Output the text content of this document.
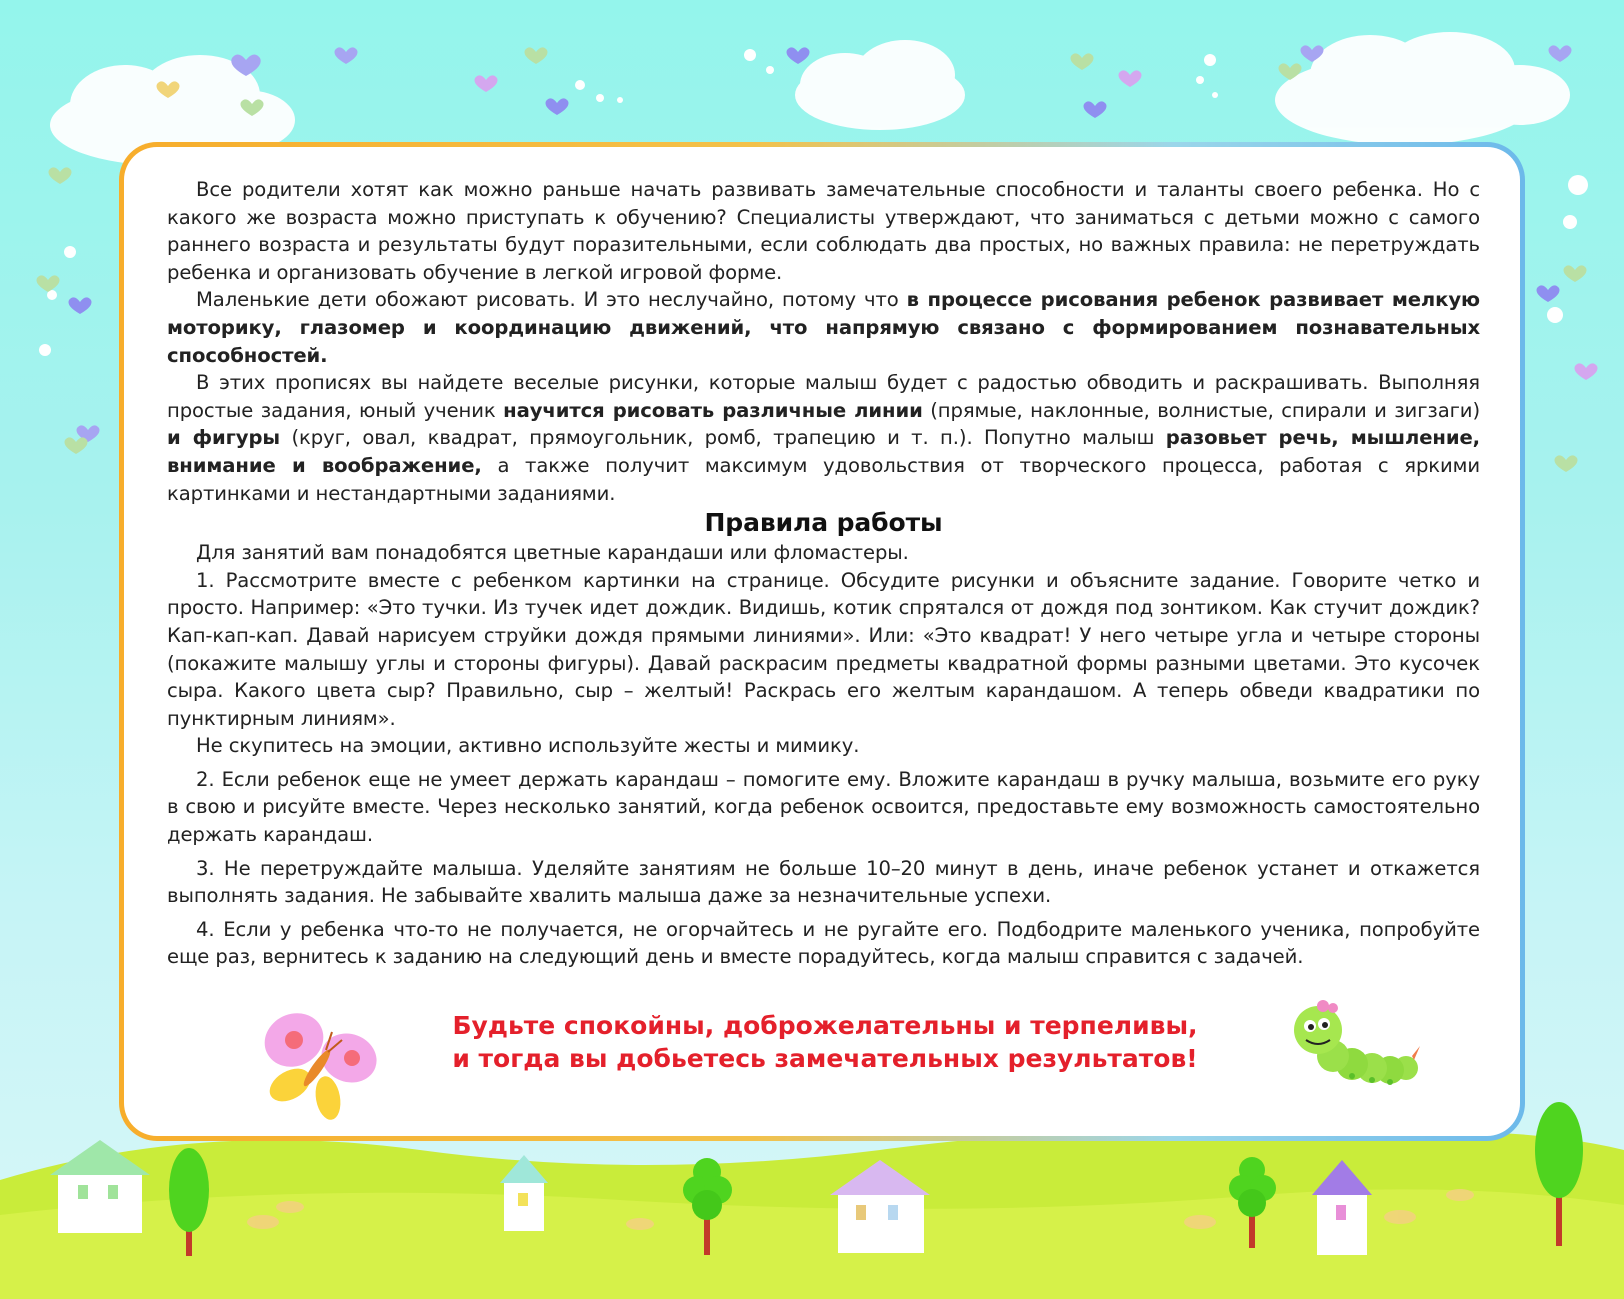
Все родители хотят как можно раньше начать развивать замечательные способности и таланты своего ребенка. Но с какого же возраста можно приступать к обучению? Специалисты утверждают, что заниматься с детьми можно с самого раннего возраста и результаты будут поразительными, если соблюдать два простых, но важных правила: не перетруждать ребенка и организовать обучение в легкой игровой форме.

Маленькие дети обожают рисовать. И это неслучайно, потому что в процессе рисования ребенок развивает мелкую моторику, глазомер и координацию движений, что напрямую связано с формированием познавательных способностей.

В этих прописях вы найдете веселые рисунки, которые малыш будет с радостью обводить и раскрашивать. Выполняя простые задания, юный ученик научится рисовать различные линии (прямые, наклонные, волнистые, спирали и зигзаги) и фигуры (круг, овал, квадрат, прямоугольник, ромб, трапецию и т. п.). Попутно малыш разовьет речь, мышление, внимание и воображение, а также получит максимум удовольствия от творческого процесса, работая с яркими картинками и нестандартными заданиями.

Правила работы

Для занятий вам понадобятся цветные карандаши или фломастеры.

1. Рассмотрите вместе с ребенком картинки на странице. Обсудите рисунки и объясните задание. Говорите четко и просто. Например: «Это тучки. Из тучек идет дождик. Видишь, котик спрятался от дождя под зонтиком. Как стучит дождик? Кап-кап-кап. Давай нарисуем струйки дождя прямыми линиями». Или: «Это квадрат! У него четыре угла и четыре стороны (покажите малышу углы и стороны фигуры). Давай раскрасим предметы квадратной формы разными цветами. Это кусочек сыра. Какого цвета сыр? Правильно, сыр – желтый! Раскрась его желтым карандашом. А теперь обведи квадратики по пунктирным линиям».

Не скупитесь на эмоции, активно используйте жесты и мимику.

2. Если ребенок еще не умеет держать карандаш – помогите ему. Вложите карандаш в ручку малыша, возьмите его руку в свою и рисуйте вместе. Через несколько занятий, когда ребенок освоится, предоставьте ему возможность самостоятельно держать карандаш.

3. Не перетруждайте малыша. Уделяйте занятиям не больше 10–20 минут в день, иначе ребенок устанет и откажется выполнять задания. Не забывайте хвалить малыша даже за незначительные успехи.

4. Если у ребенка что-то не получается, не огорчайтесь и не ругайте его. Подбодрите маленького ученика, попробуйте еще раз, вернитесь к заданию на следующий день и вместе порадуйтесь, когда малыш справится с задачей.

Будьте спокойны, доброжелательны и терпеливы,
и тогда вы добьетесь замечательных результатов!
